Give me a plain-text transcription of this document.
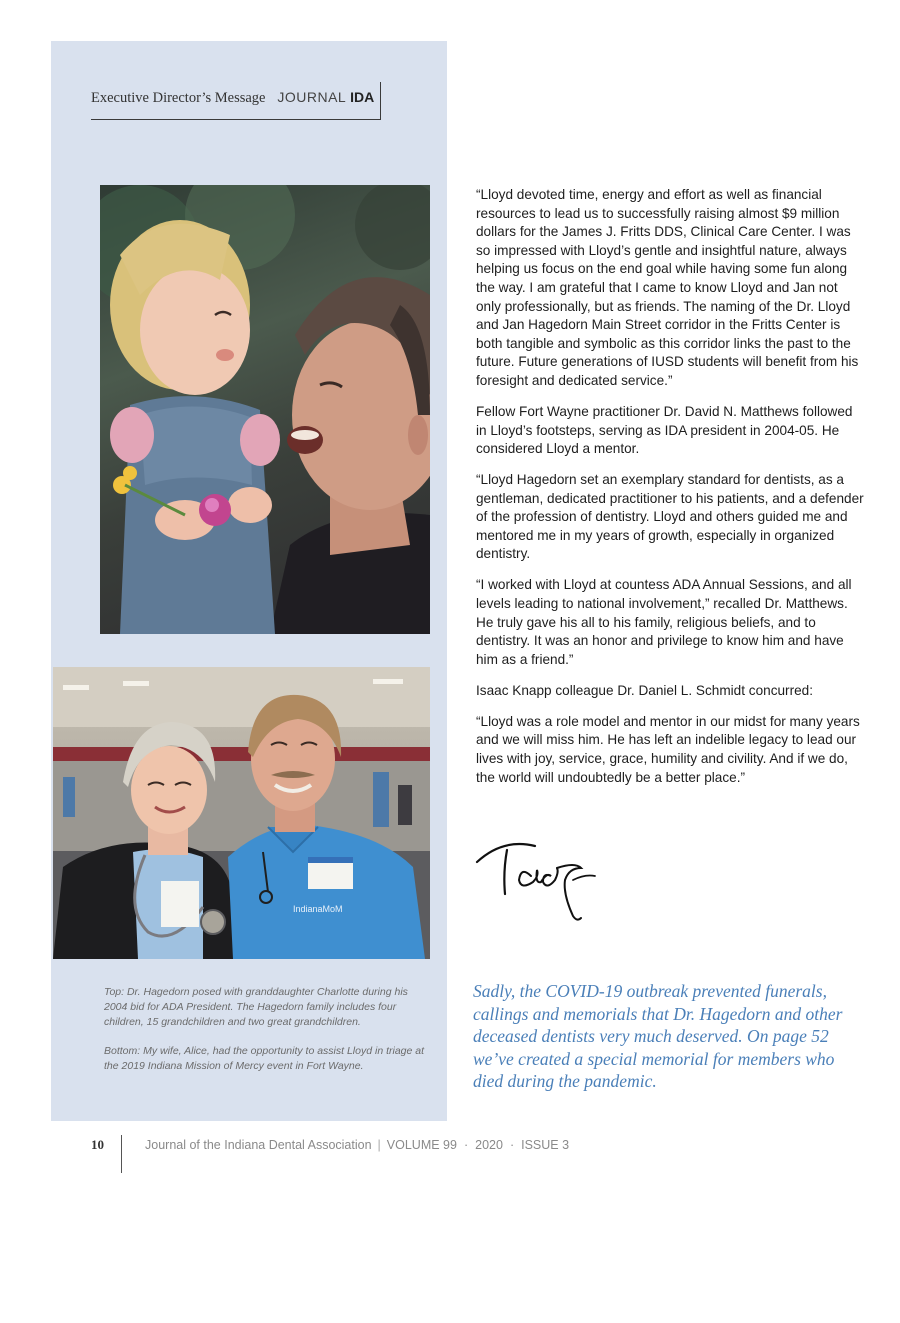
Executive Director’s Message JOURNAL IDA
IndianaMoM
Top: Dr. Hagedorn posed with granddaughter Charlotte during his 2004 bid for ADA President. The Hagedorn family includes four children, 15 grandchildren and two great grandchildren.
Bottom: My wife, Alice, had the opportunity to assist Lloyd in triage at the 2019 Indiana Mission of Mercy event in Fort Wayne.

“Lloyd devoted time, energy and effort as well as financial resources to lead us to successfully raising almost $9 million dollars for the James J. Fritts DDS, Clinical Care Center. I was so impressed with Lloyd’s gentle and insightful nature, always helping us focus on the end goal while having some fun along the way. I am grateful that I came to know Lloyd and Jan not only professionally, but as friends. The naming of the Dr. Lloyd and Jan Hagedorn Main Street corridor in the Fritts Center is both tangible and symbolic as this corridor links the past to the future. Future generations of IUSD students will benefit from his foresight and dedicated service.”

Fellow Fort Wayne practitioner Dr. David N. Matthews followed in Lloyd’s footsteps, serving as IDA president in 2004-05. He considered Lloyd a mentor.

“Lloyd Hagedorn set an exemplary standard for dentists, as a gentleman, dedicated practitioner to his patients, and a defender of the profession of dentistry. Lloyd and others guided me and mentored me in my years of growth, especially in organized dentistry.

“I worked with Lloyd at countess ADA Annual Sessions, and all levels leading to national involvement,” recalled Dr. Matthews. He truly gave his all to his family, religious beliefs, and to dentistry. It was an honor and privilege to know him and have him as a friend.”

Isaac Knapp colleague Dr. Daniel L. Schmidt concurred:

“Lloyd was a role model and mentor in our midst for many years and we will miss him. He has left an indelible legacy to lead our lives with joy, service, grace, humility and civility. And if we do, the world will undoubtedly be a better place.”

Sadly, the COVID-19 outbreak prevented funerals, callings and memorials that Dr. Hagedorn and other deceased dentists very much deserved. On page 52 we’ve created a special memorial for members who died during the pandemic.
10	Journal of the Indiana Dental Association | VOLUME 99 · 2020 · ISSUE 3
